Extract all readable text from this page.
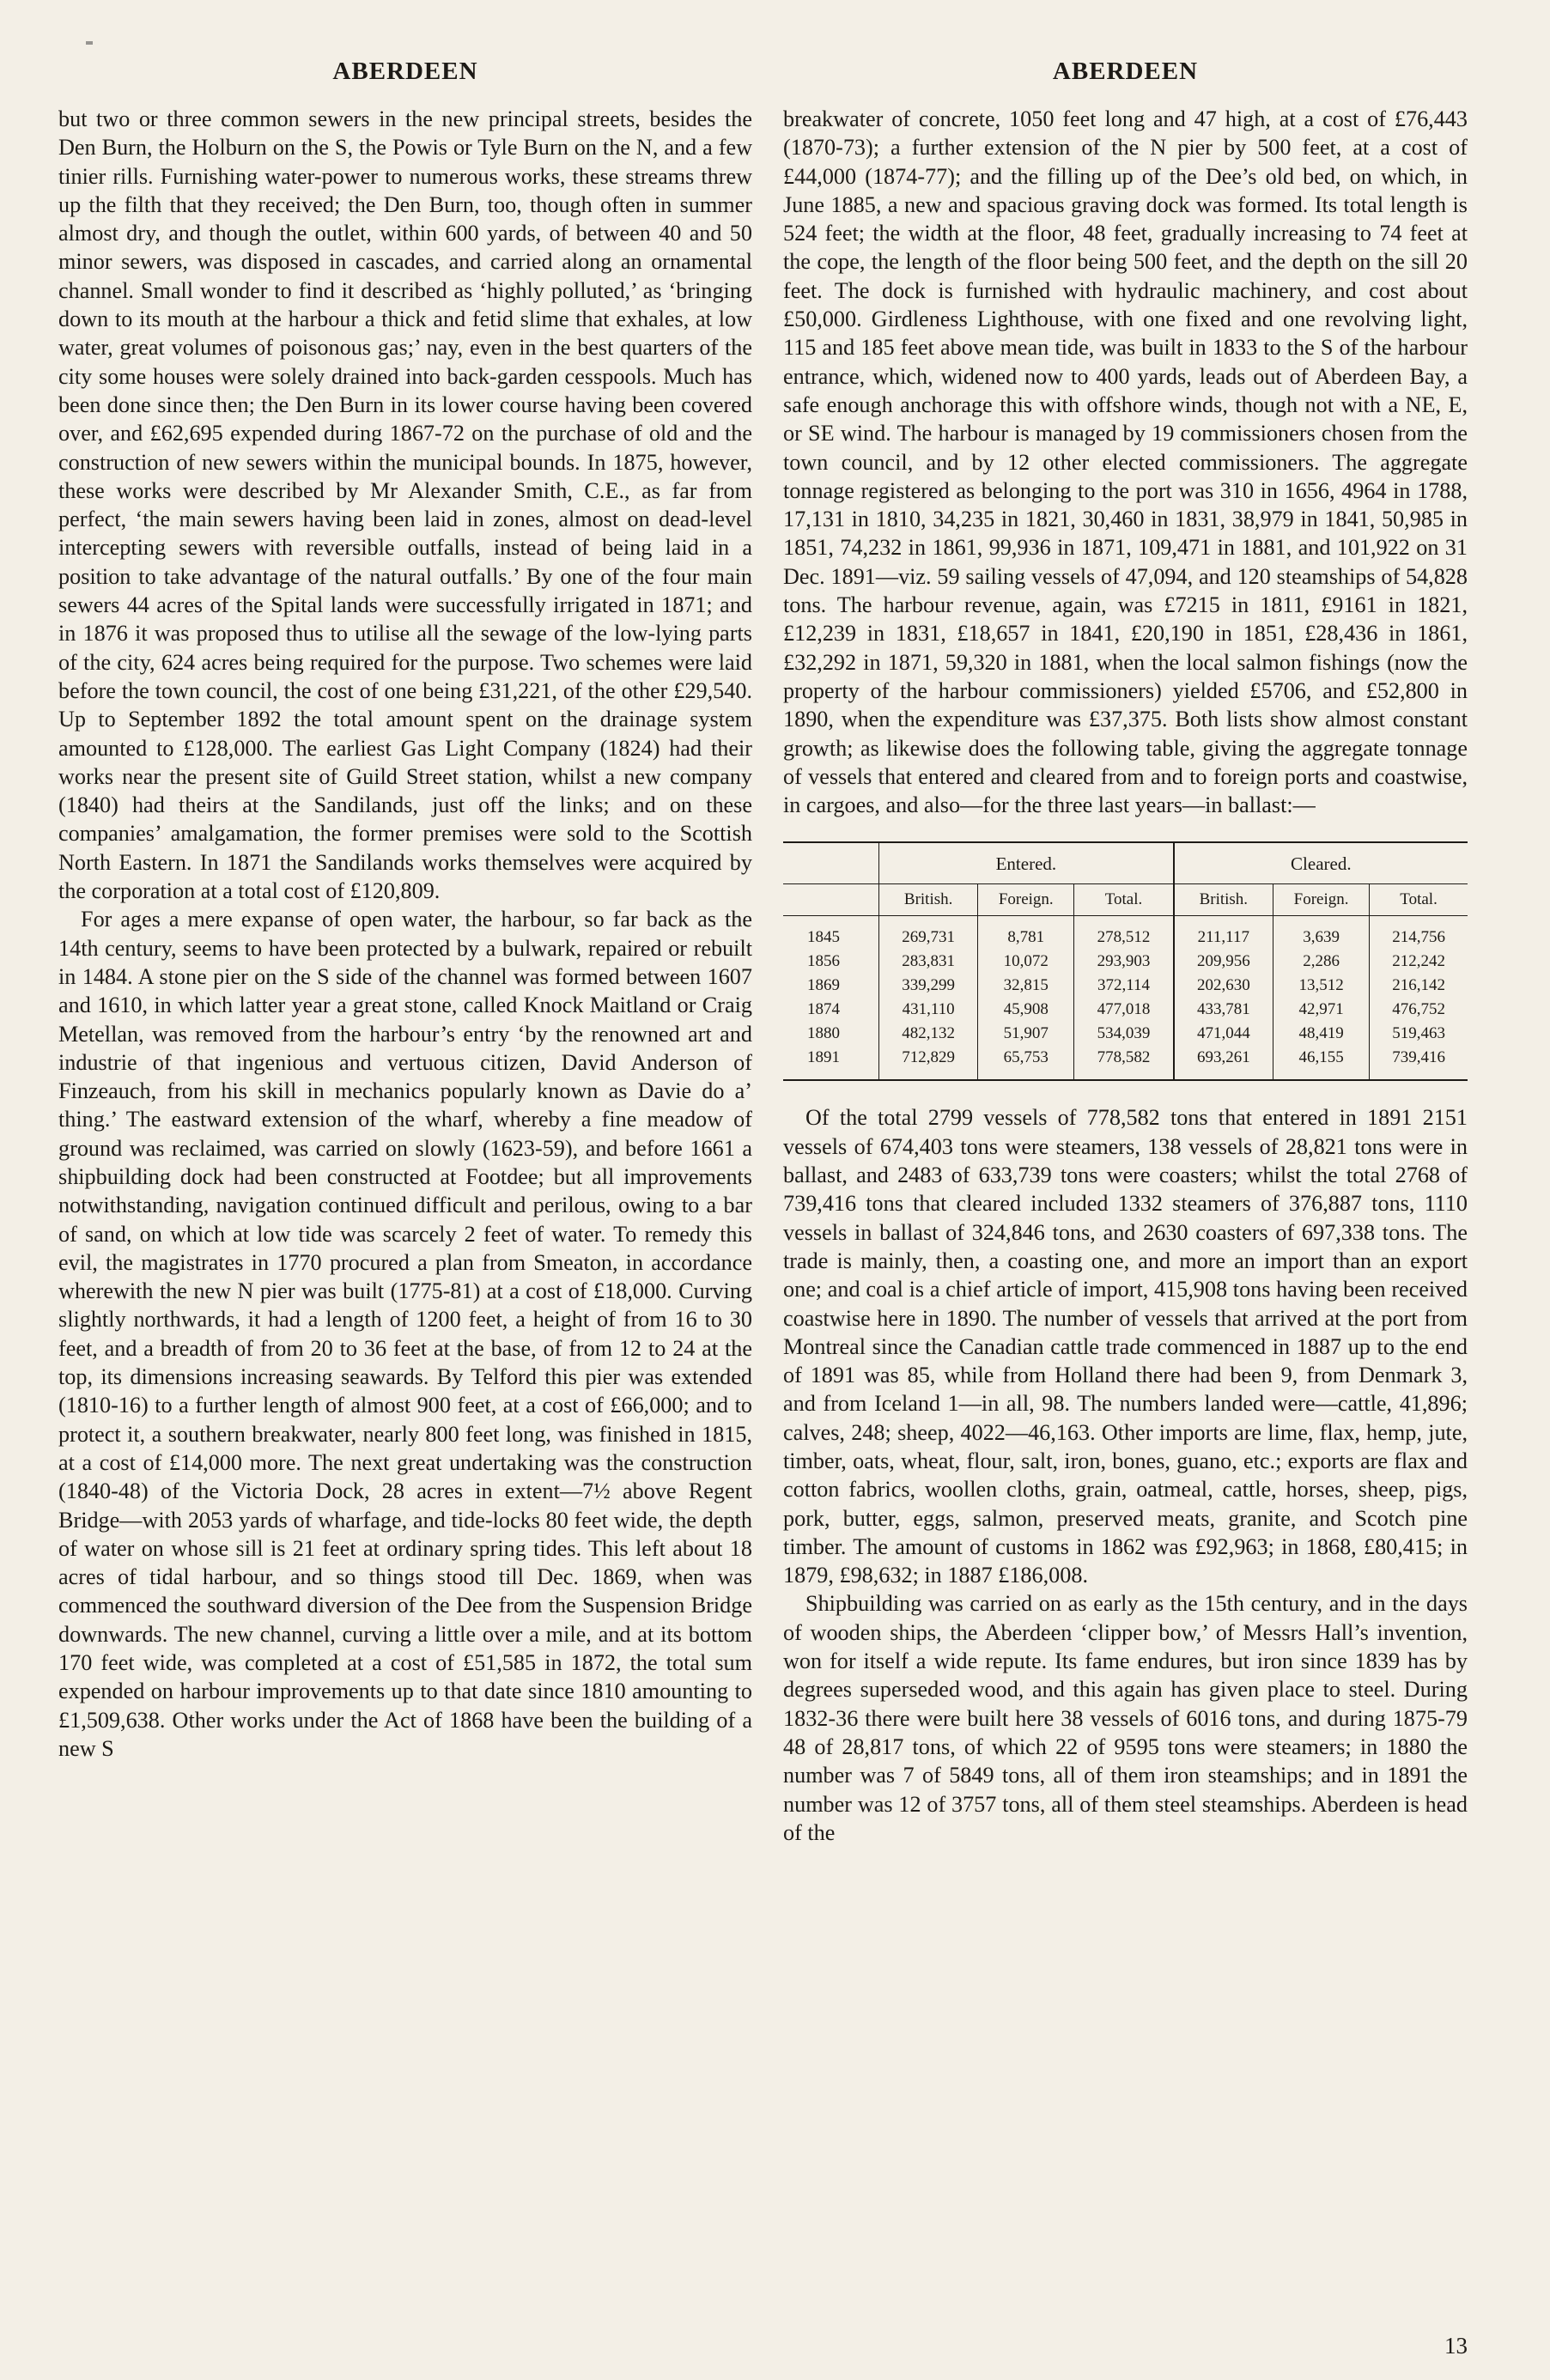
ABERDEEN

but two or three common sewers in the new principal streets, besides the Den Burn, the Holburn on the S, the Powis or Tyle Burn on the N, and a few tinier rills. Furnishing water-power to numerous works, these streams threw up the filth that they received; the Den Burn, too, though often in summer almost dry, and though the outlet, within 600 yards, of between 40 and 50 minor sewers, was disposed in cascades, and carried along an ornamental channel. Small wonder to find it described as ‘highly polluted,’ as ‘bringing down to its mouth at the harbour a thick and fetid slime that exhales, at low water, great volumes of poisonous gas;’ nay, even in the best quarters of the city some houses were solely drained into back-garden cesspools. Much has been done since then; the Den Burn in its lower course having been covered over, and £62,695 expended during 1867-72 on the purchase of old and the construction of new sewers within the municipal bounds. In 1875, however, these works were described by Mr Alexander Smith, C.E., as far from perfect, ‘the main sewers having been laid in zones, almost on dead-level intercepting sewers with reversible outfalls, instead of being laid in a position to take advantage of the natural outfalls.’ By one of the four main sewers 44 acres of the Spital lands were successfully irrigated in 1871; and in 1876 it was proposed thus to utilise all the sewage of the low-lying parts of the city, 624 acres being required for the purpose. Two schemes were laid before the town council, the cost of one being £31,221, of the other £29,540. Up to September 1892 the total amount spent on the drainage system amounted to £128,000. The earliest Gas Light Company (1824) had their works near the present site of Guild Street station, whilst a new company (1840) had theirs at the Sandilands, just off the links; and on these companies’ amalgamation, the former premises were sold to the Scottish North Eastern. In 1871 the Sandilands works themselves were acquired by the corporation at a total cost of £120,809.

For ages a mere expanse of open water, the harbour, so far back as the 14th century, seems to have been protected by a bulwark, repaired or rebuilt in 1484. A stone pier on the S side of the channel was formed between 1607 and 1610, in which latter year a great stone, called Knock Maitland or Craig Metellan, was removed from the harbour’s entry ‘by the renowned art and industrie of that ingenious and vertuous citizen, David Anderson of Finzeauch, from his skill in mechanics popularly known as Davie do a’ thing.’ The eastward extension of the wharf, whereby a fine meadow of ground was reclaimed, was carried on slowly (1623-59), and before 1661 a shipbuilding dock had been constructed at Footdee; but all improvements notwithstanding, navigation continued difficult and perilous, owing to a bar of sand, on which at low tide was scarcely 2 feet of water. To remedy this evil, the magistrates in 1770 procured a plan from Smeaton, in accordance wherewith the new N pier was built (1775-81) at a cost of £18,000. Curving slightly northwards, it had a length of 1200 feet, a height of from 16 to 30 feet, and a breadth of from 20 to 36 feet at the base, of from 12 to 24 at the top, its dimensions increasing seawards. By Telford this pier was extended (1810-16) to a further length of almost 900 feet, at a cost of £66,000; and to protect it, a southern breakwater, nearly 800 feet long, was finished in 1815, at a cost of £14,000 more. The next great undertaking was the construction (1840-48) of the Victoria Dock, 28 acres in extent—7½ above Regent Bridge—with 2053 yards of wharfage, and tide-locks 80 feet wide, the depth of water on whose sill is 21 feet at ordinary spring tides. This left about 18 acres of tidal harbour, and so things stood till Dec. 1869, when was commenced the southward diversion of the Dee from the Suspension Bridge downwards. The new channel, curving a little over a mile, and at its bottom 170 feet wide, was completed at a cost of £51,585 in 1872, the total sum expended on harbour improvements up to that date since 1810 amounting to £1,509,638. Other works under the Act of 1868 have been the building of a new S

ABERDEEN

breakwater of concrete, 1050 feet long and 47 high, at a cost of £76,443 (1870-73); a further extension of the N pier by 500 feet, at a cost of £44,000 (1874-77); and the filling up of the Dee’s old bed, on which, in June 1885, a new and spacious graving dock was formed. Its total length is 524 feet; the width at the floor, 48 feet, gradually increasing to 74 feet at the cope, the length of the floor being 500 feet, and the depth on the sill 20 feet. The dock is furnished with hydraulic machinery, and cost about £50,000. Girdleness Lighthouse, with one fixed and one revolving light, 115 and 185 feet above mean tide, was built in 1833 to the S of the harbour entrance, which, widened now to 400 yards, leads out of Aberdeen Bay, a safe enough anchorage this with offshore winds, though not with a NE, E, or SE wind. The harbour is managed by 19 commissioners chosen from the town council, and by 12 other elected commissioners. The aggregate tonnage registered as belonging to the port was 310 in 1656, 4964 in 1788, 17,131 in 1810, 34,235 in 1821, 30,460 in 1831, 38,979 in 1841, 50,985 in 1851, 74,232 in 1861, 99,936 in 1871, 109,471 in 1881, and 101,922 on 31 Dec. 1891—viz. 59 sailing vessels of 47,094, and 120 steamships of 54,828 tons. The harbour revenue, again, was £7215 in 1811, £9161 in 1821, £12,239 in 1831, £18,657 in 1841, £20,190 in 1851, £28,436 in 1861, £32,292 in 1871, 59,320 in 1881, when the local salmon fishings (now the property of the harbour commissioners) yielded £5706, and £52,800 in 1890, when the expenditure was £37,375. Both lists show almost constant growth; as likewise does the following table, giving the aggregate tonnage of vessels that entered and cleared from and to foreign ports and coastwise, in cargoes, and also—for the three last years—in ballast:—

	Entered.			Cleared.		
	British.	Foreign.	Total.	British.	Foreign.	Total.
1845	269,731	8,781	278,512	211,117	3,639	214,756
1856	283,831	10,072	293,903	209,956	2,286	212,242
1869	339,299	32,815	372,114	202,630	13,512	216,142
1874	431,110	45,908	477,018	433,781	42,971	476,752
1880	482,132	51,907	534,039	471,044	48,419	519,463
1891	712,829	65,753	778,582	693,261	46,155	739,416

Of the total 2799 vessels of 778,582 tons that entered in 1891 2151 vessels of 674,403 tons were steamers, 138 vessels of 28,821 tons were in ballast, and 2483 of 633,739 tons were coasters; whilst the total 2768 of 739,416 tons that cleared included 1332 steamers of 376,887 tons, 1110 vessels in ballast of 324,846 tons, and 2630 coasters of 697,338 tons. The trade is mainly, then, a coasting one, and more an import than an export one; and coal is a chief article of import, 415,908 tons having been received coastwise here in 1890. The number of vessels that arrived at the port from Montreal since the Canadian cattle trade commenced in 1887 up to the end of 1891 was 85, while from Holland there had been 9, from Denmark 3, and from Iceland 1—in all, 98. The numbers landed were—cattle, 41,896; calves, 248; sheep, 4022—46,163. Other imports are lime, flax, hemp, jute, timber, oats, wheat, flour, salt, iron, bones, guano, etc.; exports are flax and cotton fabrics, woollen cloths, grain, oatmeal, cattle, horses, sheep, pigs, pork, butter, eggs, salmon, preserved meats, granite, and Scotch pine timber. The amount of customs in 1862 was £92,963; in 1868, £80,415; in 1879, £98,632; in 1887 £186,008.

Shipbuilding was carried on as early as the 15th century, and in the days of wooden ships, the Aberdeen ‘clipper bow,’ of Messrs Hall’s invention, won for itself a wide repute. Its fame endures, but iron since 1839 has by degrees superseded wood, and this again has given place to steel. During 1832-36 there were built here 38 vessels of 6016 tons, and during 1875-79 48 of 28,817 tons, of which 22 of 9595 tons were steamers; in 1880 the number was 7 of 5849 tons, all of them iron steamships; and in 1891 the number was 12 of 3757 tons, all of them steel steamships. Aberdeen is head of the

13
